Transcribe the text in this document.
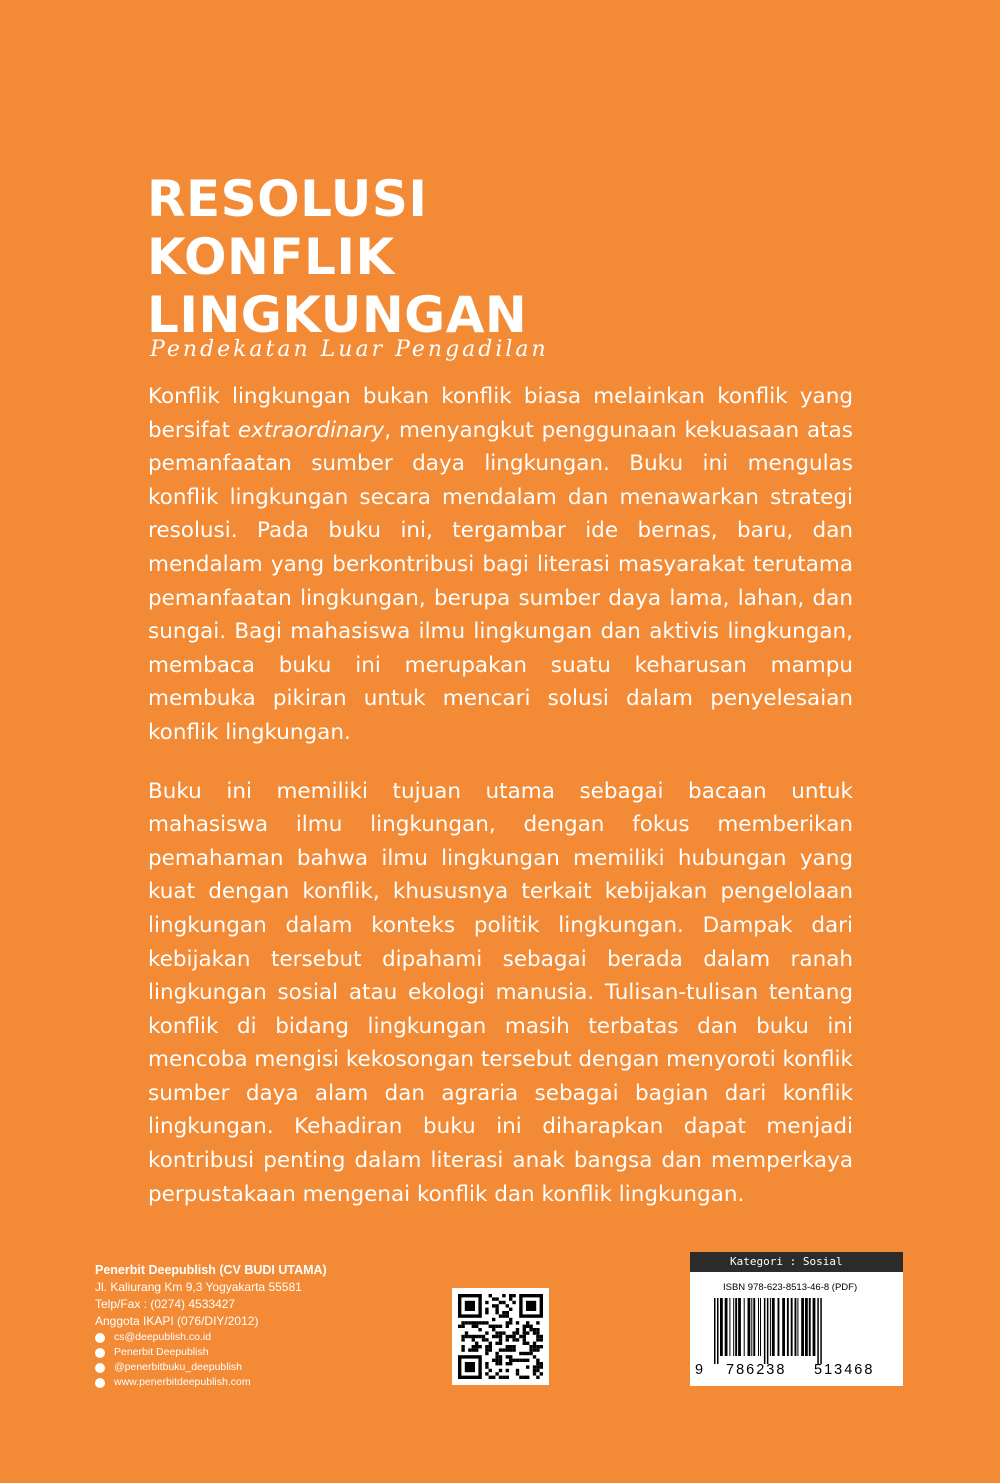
RESOLUSI
KONFLIK
LINGKUNGAN
Pendekatan Luar Pengadilan

Konflik lingkungan bukan konflik biasa melainkan konflik yang bersifat extraordinary, menyangkut penggunaan kekuasaan atas pemanfaatan sumber daya lingkungan. Buku ini mengulas konflik lingkungan secara mendalam dan menawarkan strategi resolusi. Pada buku ini, tergambar ide bernas, baru, dan mendalam yang berkontribusi bagi literasi masyarakat terutama pemanfaatan lingkungan, berupa sumber daya lama, lahan, dan sungai. Bagi mahasiswa ilmu lingkungan dan aktivis lingkungan, membaca buku ini merupakan suatu keharusan mampu membuka pikiran untuk mencari solusi dalam penyelesaian konflik lingkungan.

Buku ini memiliki tujuan utama sebagai bacaan untuk mahasiswa ilmu lingkungan, dengan fokus memberikan pemahaman bahwa ilmu lingkungan memiliki hubungan yang kuat dengan konflik, khususnya terkait kebijakan pengelolaan lingkungan dalam konteks politik lingkungan. Dampak dari kebijakan tersebut dipahami sebagai berada dalam ranah lingkungan sosial atau ekologi manusia. Tulisan-tulisan tentang konflik di bidang lingkungan masih terbatas dan buku ini mencoba mengisi kekosongan tersebut dengan menyoroti konflik sumber daya alam dan agraria sebagai bagian dari konflik lingkungan. Kehadiran buku ini diharapkan dapat menjadi kontribusi penting dalam literasi anak bangsa dan memperkaya perpustakaan mengenai konflik dan konflik lingkungan.

Penerbit Deepublish (CV BUDI UTAMA)
Jl. Kaliurang Km 9,3 Yogyakarta 55581
Telp/Fax : (0274) 4533427
Anggota IKAPI (076/DIY/2012)
cs@deepublish.co.id
Penerbit Deepublish
@penerbitbuku_deepublish
www.penerbitdeepublish.com
Kategori : Sosial
ISBN 978-623-8513-46-8 (PDF)
9 786238 513468
